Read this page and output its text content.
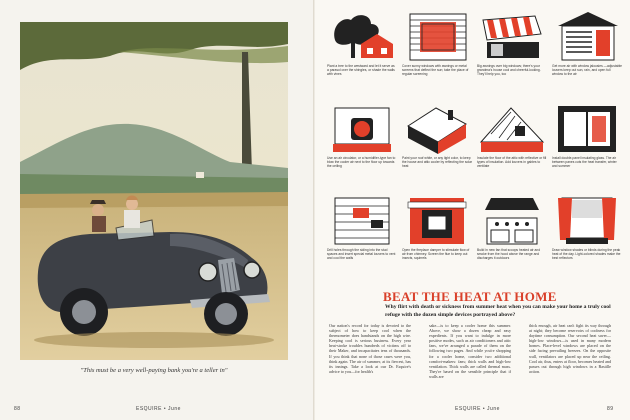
"This must be a very well-paying bank you're a teller in"
88	ESQUIRE • June
Plant a tree to the westward and let it serve as a parasol over the shingles, or shade the walls with vines
Cover sunny windows with awnings or metal screens that deflect the sun; take the place of regular screening
Big awnings over big windows; there's your grandma's house cool and cheerful-looking. They'll help you, too
Get more air with window jalousies —adjustable louvers keep out sun, rain, and open full window to the air
Use an air circulator, or a humidifier-type fan to blow the cooler air next to the floor up towards the ceiling
Paint your roof white, or any light color, to keep the house and attic cooler by reflecting the solar heat
Insulate the floor of the attic with reflective or fill types of insulation. Add louvers in gables to ventilate
Install double-panel insulating glass. The air between panes cuts the heat transfer, winter and summer
Drill holes through the siding into the stud spaces and insert special metal louvers to vent and cool the walls
Open the fireplace damper to stimulate flow of air from chimney. Screen the flue to keep out insects, squirrels
Build in new fan that scoops heated air and smoke from the hood above the range and discharges it outdoors
Draw window shades or blinds during the peak heat of the day. Light-colored shades make the best reflectors
BEAT THE HEAT AT HOME
Why flirt with death or sickness from summer heat when you can make your home a truly cool refuge with the dozen simple devices portrayed above?
Our nation's record for today is devoted to the subject of how to keep cool when the thermometer does handstands on the high wire. Keeping cool is serious business. Every year heat-stroke troubles hundreds of victims off to their Maker, and incapacitates tens of thousands. If you think that none of those cases were you, think again. The air of summer, at its fiercest, has its innings. Take a look at our Dr. Esquire's advice to you—for health's
sake—is to keep a cooler home this summer. Above, we show a dozen cheap and easy expedients. If you want to indulge in more positive modes, such as air conditioners and attic fans, we've arranged a parade of them on the following two pages. And while you're shopping for a cooler home, consider two additional comfort-makers: fans; thick walls and high-low ventilation. Thick walls are called thermal mass. They're based on the sensible principle that if walls are
thick enough, air heat can't fight its way through at night; they become reservoirs of coolness for daytime consumption. Our second heat saver—high-low windows—is used in many modern homes. Place-level windows are placed on the side facing prevailing breezes. On the opposite wall, ventilators are placed up near the ceiling. Cool air, thus, enters at floor, becomes heated and passes out through high windows in a Bastille action.
89
ESQUIRE • June
